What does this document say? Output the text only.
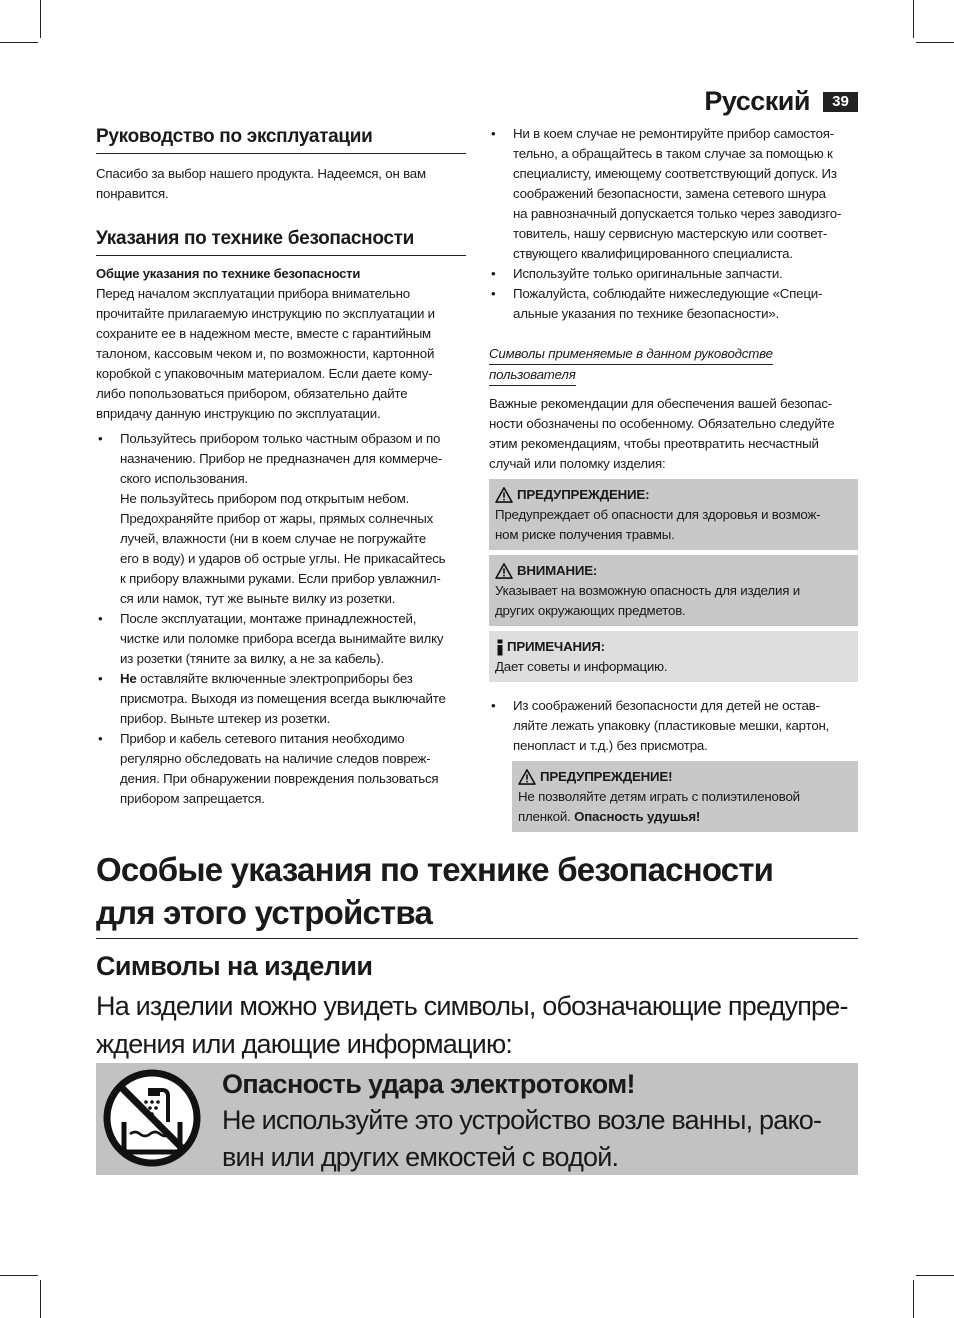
Русский	39
Руководство по эксплуатации

Спасибо за выбор нашего продукта. Надеемся, он вам

понравится.

Указания по технике безопасности
Общие указания по технике безопасности

Перед началом эксплуатации прибора внимательно

прочитайте прилагаемую инструкцию по эксплуатации и

сохраните ее в надежном месте, вместе с гарантийным

талоном, кассовым чеком и, по возможности, картонной

коробкой с упаковочным материалом. Если даете кому-

либо попользоваться прибором, обязательно дайте

впридачу данную инструкцию по эксплуатации.

• Пользуйтесь прибором только частным образом и по

назначению. Прибор не предназначен для коммерче-

ского использования.

Не пользуйтесь прибором под открытым небом.

Предохраняйте прибор от жары, прямых солнечных

лучей, влажности (ни в коем случае не погружайте

его в воду) и ударов об острые углы. Не прикасайтесь

к прибору влажными руками. Если прибор увлажнил-

ся или намок, тут же выньте вилку из розетки.

• После эксплуатации, монтаже принадлежностей,

чистке или поломке прибора всегда вынимайте вилку

из розетки (тяните за вилку, а не за кабель).

• Не оставляйте включенные электроприборы без

присмотра. Выходя из помещения всегда выключайте

прибор. Выньте штекер из розетки.

• Прибор и кабель сетевого питания необходимо

регулярно обследовать на наличие следов повреж-

дения. При обнаружении повреждения пользоваться

прибором запрещается.

• Ни в коем случае не ремонтируйте прибор самостоя-

тельно, а обращайтесь в таком случае за помощью к

специалисту, имеющему соответствующий допуск. Из

соображений безопасности, замена сетевого шнура

на равнозначный допускается только через заводизго-

товитель, нашу сервисную мастерскую или соответ-

ствующего квалифицированного специалиста.

• Используйте только оригинальные запчасти.

• Пожалуйста, соблюдайте нижеследующие «Специ-

альные указания по технике безопасности».

Символы применяемые в данном руководстве
пользователя

Важные рекомендации для обеспечения вашей безопас-

ности обозначены по особенному. Обязательно следуйте

этим рекомендациям, чтобы преотвратить несчастный

случай или поломку изделия:

ПРЕДУПРЕЖДЕНИЕ:

Предупреждает об опасности для здоровья и возмож-

ном риске получения травмы.

ВНИМАНИЕ:

Указывает на возможную опасность для изделия и

других окружающих предметов.

ПРИМЕЧАНИЯ:

Дает советы и информацию.

• Из соображений безопасности для детей не остав-

ляйте лежать упаковку (пластиковые мешки, картон,

пенопласт и т.д.) без присмотра.

ПРЕДУПРЕЖДЕНИЕ!

Не позволяйте детям играть с полиэтиленовой

пленкой. Опасность удушья!

Особые указания по технике безопасности
для этого устройства
Символы на изделии
На изделии можно увидеть символы, обозначающие предупре-
ждения или дающие информацию:
Опасность удара электротоком!
Не используйте это устройство возле ванны, рако-
вин или других емкостей с водой.
